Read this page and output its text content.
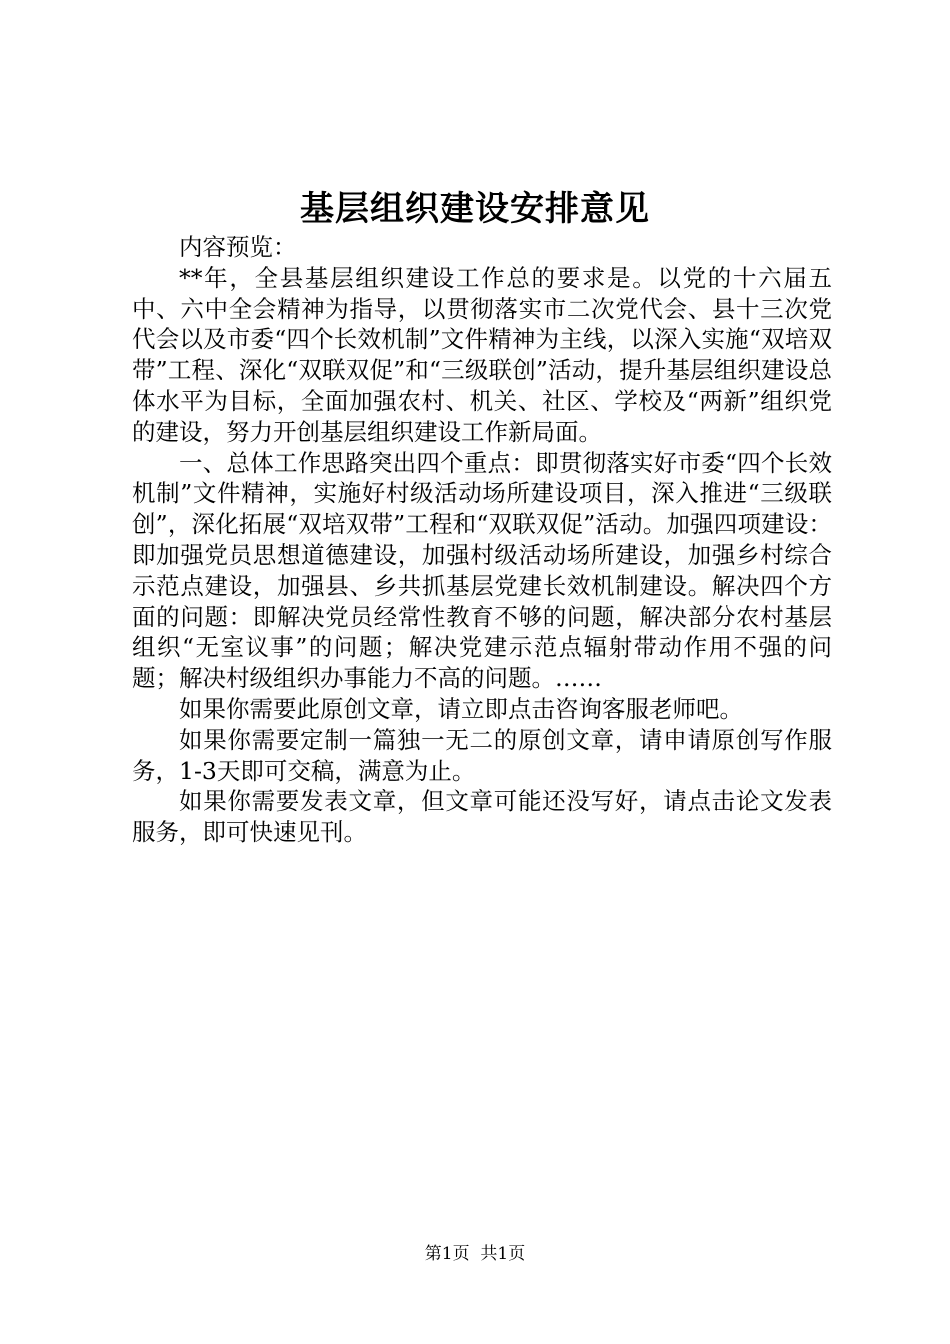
基层组织建设安排意见

内容预览：

**年，全县基层组织建设工作总的要求是。以党的十六届五中、六中全会精神为指导，以贯彻落实市二次党代会、县十三次党代会以及市委“四个长效机制”文件精神为主线，以深入实施“双培双带”工程、深化“双联双促”和“三级联创”活动，提升基层组织建设总体水平为目标，全面加强农村、机关、社区、学校及“两新”组织党的建设，努力开创基层组织建设工作新局面。

一、总体工作思路突出四个重点：即贯彻落实好市委“四个长效机制”文件精神，实施好村级活动场所建设项目，深入推进“三级联创”，深化拓展“双培双带”工程和“双联双促”活动。加强四项建设：即加强党员思想道德建设，加强村级活动场所建设，加强乡村综合示范点建设，加强县、乡共抓基层党建长效机制建设。解决四个方面的问题：即解决党员经常性教育不够的问题，解决部分农村基层组织“无室议事”的问题；解决党建示范点辐射带动作用不强的问题；解决村级组织办事能力不高的问题。……

如果你需要此原创文章，请立即点击咨询客服老师吧。

如果你需要定制一篇独一无二的原创文章，请申请原创写作服务，1-3天即可交稿，满意为止。

如果你需要发表文章，但文章可能还没写好，请点击论文发表服务，即可快速见刊。

第1页 共1页
